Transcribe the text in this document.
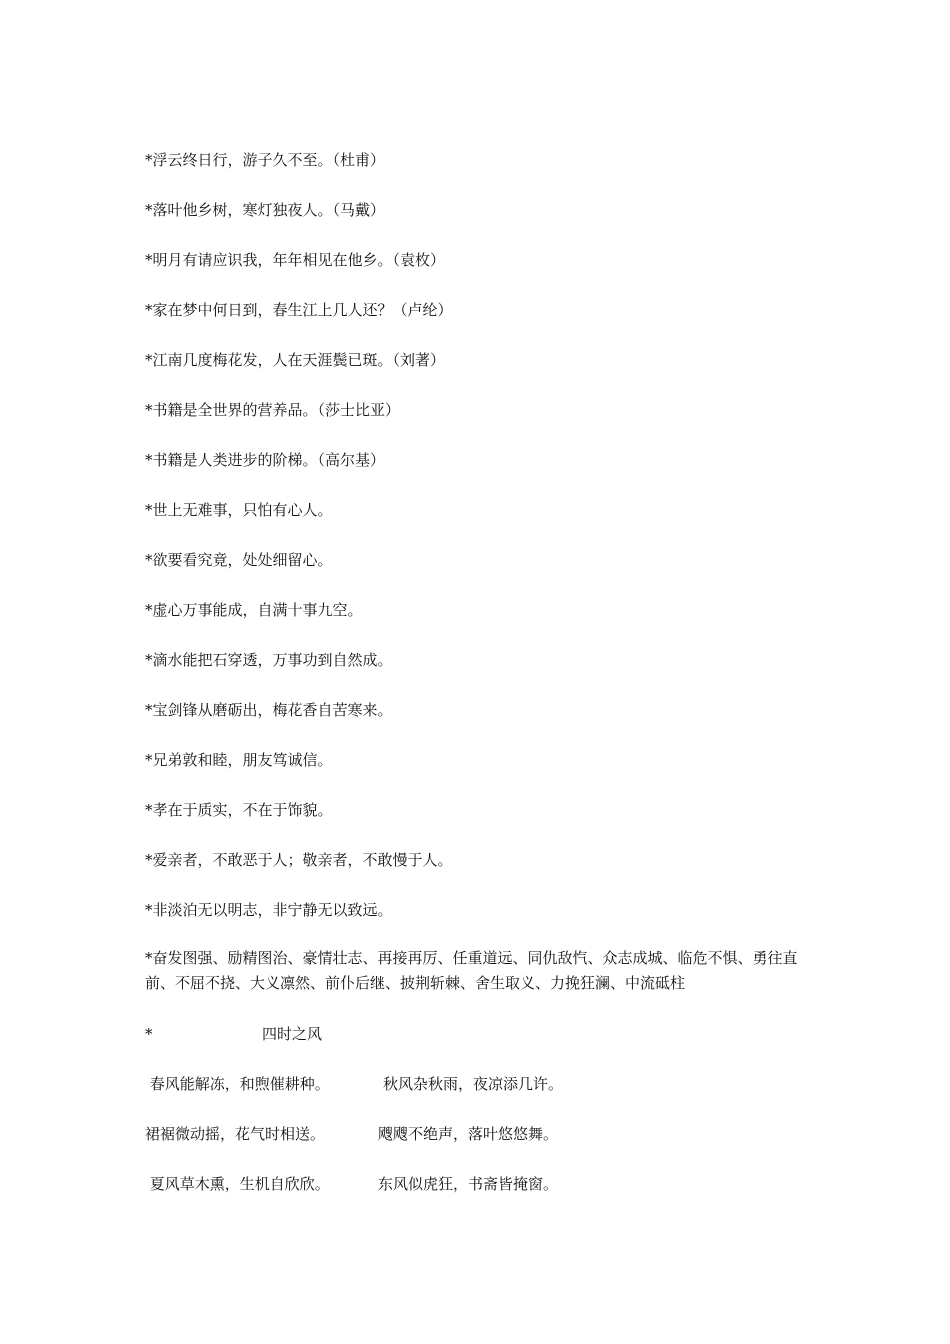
*浮云终日行，游子久不至。（杜甫）
*落叶他乡树，寒灯独夜人。（马戴）
*明月有请应识我，年年相见在他乡。（袁枚）
*家在梦中何日到，春生江上几人还？（卢纶）
*江南几度梅花发，人在天涯鬓已斑。（刘著）
*书籍是全世界的营养品。（莎士比亚）
*书籍是人类进步的阶梯。（高尔基）
*世上无难事，只怕有心人。
*欲要看究竟，处处细留心。
*虚心万事能成，自满十事九空。
*滴水能把石穿透，万事功到自然成。
*宝剑锋从磨砺出，梅花香自苦寒来。
*兄弟敦和睦，朋友笃诚信。
*孝在于质实，不在于饰貌。
*爱亲者，不敢恶于人；敬亲者，不敢慢于人。
*非淡泊无以明志，非宁静无以致远。
*奋发图强、励精图治、豪情壮志、再接再厉、任重道远、同仇敌忾、众志成城、临危不惧、勇往直前、不屈不挠、大义凛然、前仆后继、披荆斩棘、舍生取义、力挽狂澜、中流砥柱
*	四时之风
春风能解冻，和煦催耕种。	秋风杂秋雨，夜凉添几许。
裙裾微动摇，花气时相送。	飕飕不绝声，落叶悠悠舞。
夏风草木熏，生机自欣欣。	东风似虎狂，书斋皆掩窗。
